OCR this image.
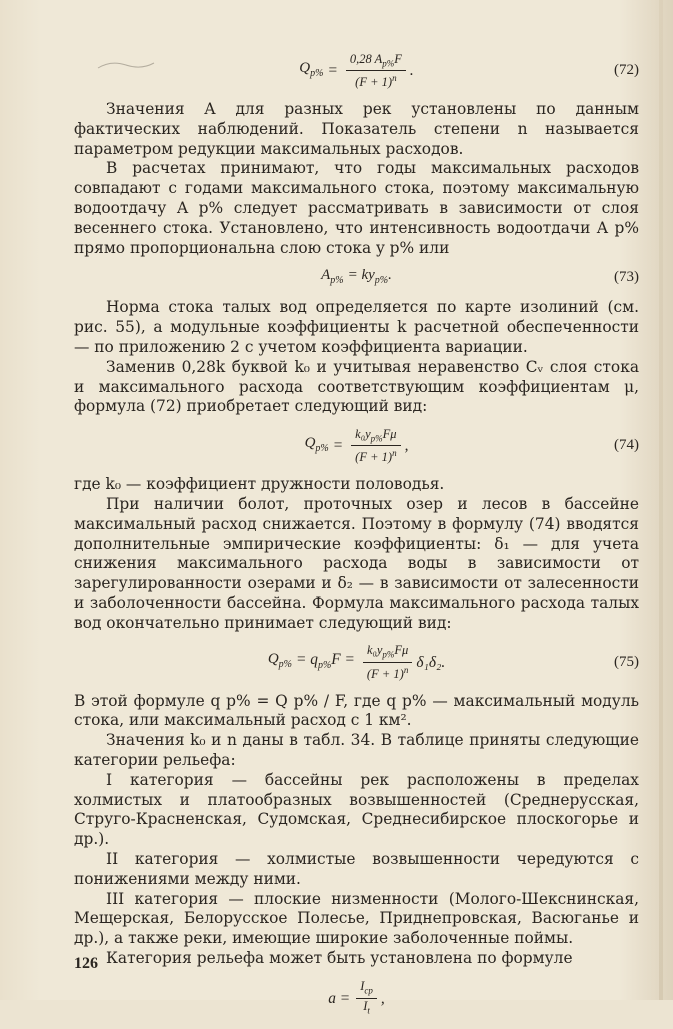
$Q_{p\%} = \frac{0,28 A_{p\%}F}{(F + 1)^n}$ .	(72)

Значения A для разных рек установлены по данным фактических наблюдений. Показатель степени n называется параметром редукции максимальных расходов.

В расчетах принимают, что годы максимальных расходов совпадают с годами максимального стока, поэтому максимальную водоотдачу A p% следует рассматривать в зависимости от слоя весеннего стока. Установлено, что интенсивность водоотдачи A p% прямо пропорциональна слою стока y p% или

$A_{p\%} = ky_{p\%}$.	(73)

Норма стока талых вод определяется по карте изолиний (см. рис. 55), а модульные коэффициенты k расчетной обеспеченности — по приложению 2 с учетом коэффициента вариации.

Заменив 0,28k буквой k₀ и учитывая неравенство Cᵥ слоя стока и максимального расхода соответствующим коэффициентам μ, формула (72) приобретает следующий вид:

$Q_{p\%} = \frac{k_0y_{p\%}F\mu}{(F + 1)^n}$ ,	(74)

где k₀ — коэффициент дружности половодья.

При наличии болот, проточных озер и лесов в бассейне максимальный расход снижается. Поэтому в формулу (74) вводятся дополнительные эмпирические коэффициенты: δ₁ — для учета снижения максимального расхода воды в зависимости от зарегулированности озерами и δ₂ — в зависимости от залесенности и заболоченности бассейна. Формула максимального расхода талых вод окончательно принимает следующий вид:

$Q_{p\%} = q_{p\%}F = \frac{k_0y_{p\%}F\mu}{(F + 1)^n} \delta_1\delta_2$.	(75)

В этой формуле q p% = Q p% / F, где q p% — максимальный модуль стока, или максимальный расход с 1 км².

Значения k₀ и n даны в табл. 34. В таблице приняты следующие категории рельефа:

I категория — бассейны рек расположены в пределах холмистых и платообразных возвышенностей (Среднерусская, Стругo-Красненская, Судомская, Среднесибирское плоскогорье и др.).

II категория — холмистые возвышенности чередуются с понижениями между ними.

III категория — плоские низменности (Молого-Шекснинская, Мещерская, Белорусское Полесье, Приднепровская, Васюганье и др.), а также реки, имеющие широкие заболоченные поймы.

Категория рельефа может быть установлена по формуле

$a = \frac{I_{ср}}{I_t}$ ,
126
